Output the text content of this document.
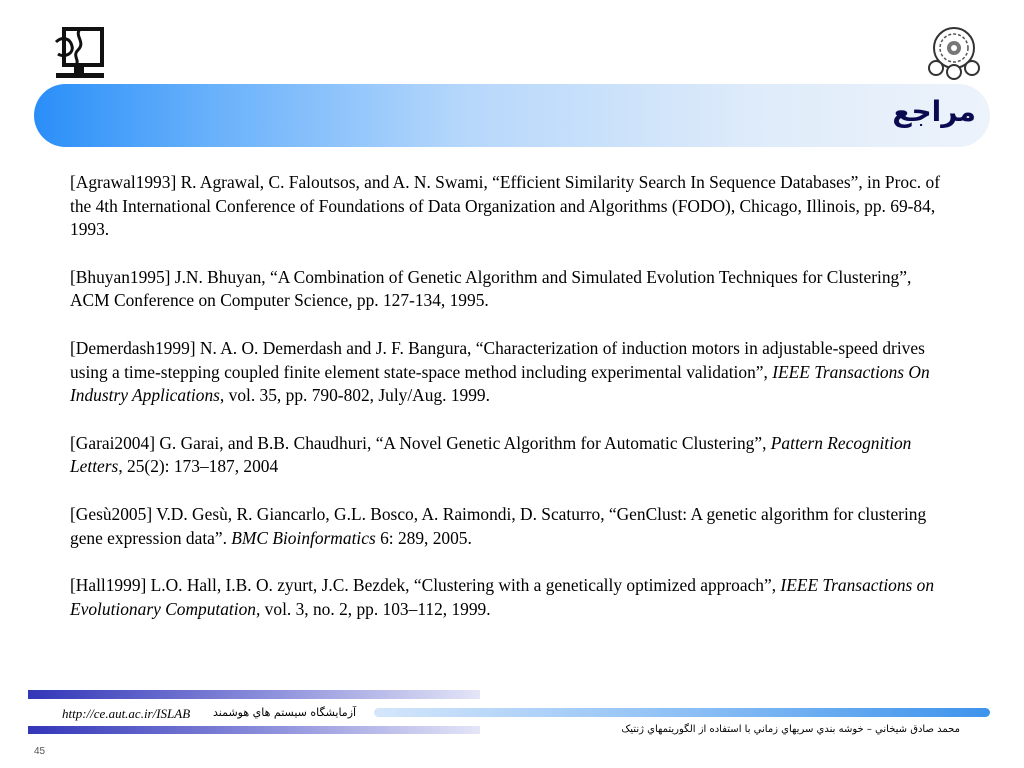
مراجع
[Agrawal1993] R. Agrawal, C. Faloutsos, and A. N. Swami, “Efficient Similarity Search In Sequence Databases”, in Proc. of the 4th International Conference of Foundations of Data Organization and Algorithms (FODO), Chicago, Illinois, pp. 69-84, 1993.
[Bhuyan1995] J.N. Bhuyan, “A Combination of Genetic Algorithm and Simulated Evolution Techniques for Clustering”, ACM Conference on Computer Science, pp. 127-134, 1995.
[Demerdash1999] N. A. O. Demerdash and J. F. Bangura, “Characterization of induction motors in adjustable-speed drives using a time-stepping coupled finite element state-space method including experimental validation”, IEEE Transactions On Industry Applications, vol. 35, pp. 790-802, July/Aug. 1999.
[Garai2004] G. Garai, and B.B. Chaudhuri, “A Novel Genetic Algorithm for Automatic Clustering”, Pattern Recognition Letters, 25(2): 173–187, 2004
[Gesù2005] V.D. Gesù, R. Giancarlo, G.L. Bosco, A. Raimondi, D. Scaturro, “GenClust: A genetic algorithm for clustering gene expression data”. BMC Bioinformatics 6: 289, 2005.
[Hall1999] L.O. Hall, I.B. O. zyurt, J.C. Bezdek, “Clustering with a genetically optimized approach”, IEEE Transactions on Evolutionary Computation, vol. 3, no. 2, pp. 103–112, 1999.
http://ce.aut.ac.ir/ISLAB آزمايشگاه سيستم هاي هوشمند
محمد صادق شيخاني – خوشه بندي سريهاي زماني با استفاده از الگوريتمهاي ژنتيک
45
